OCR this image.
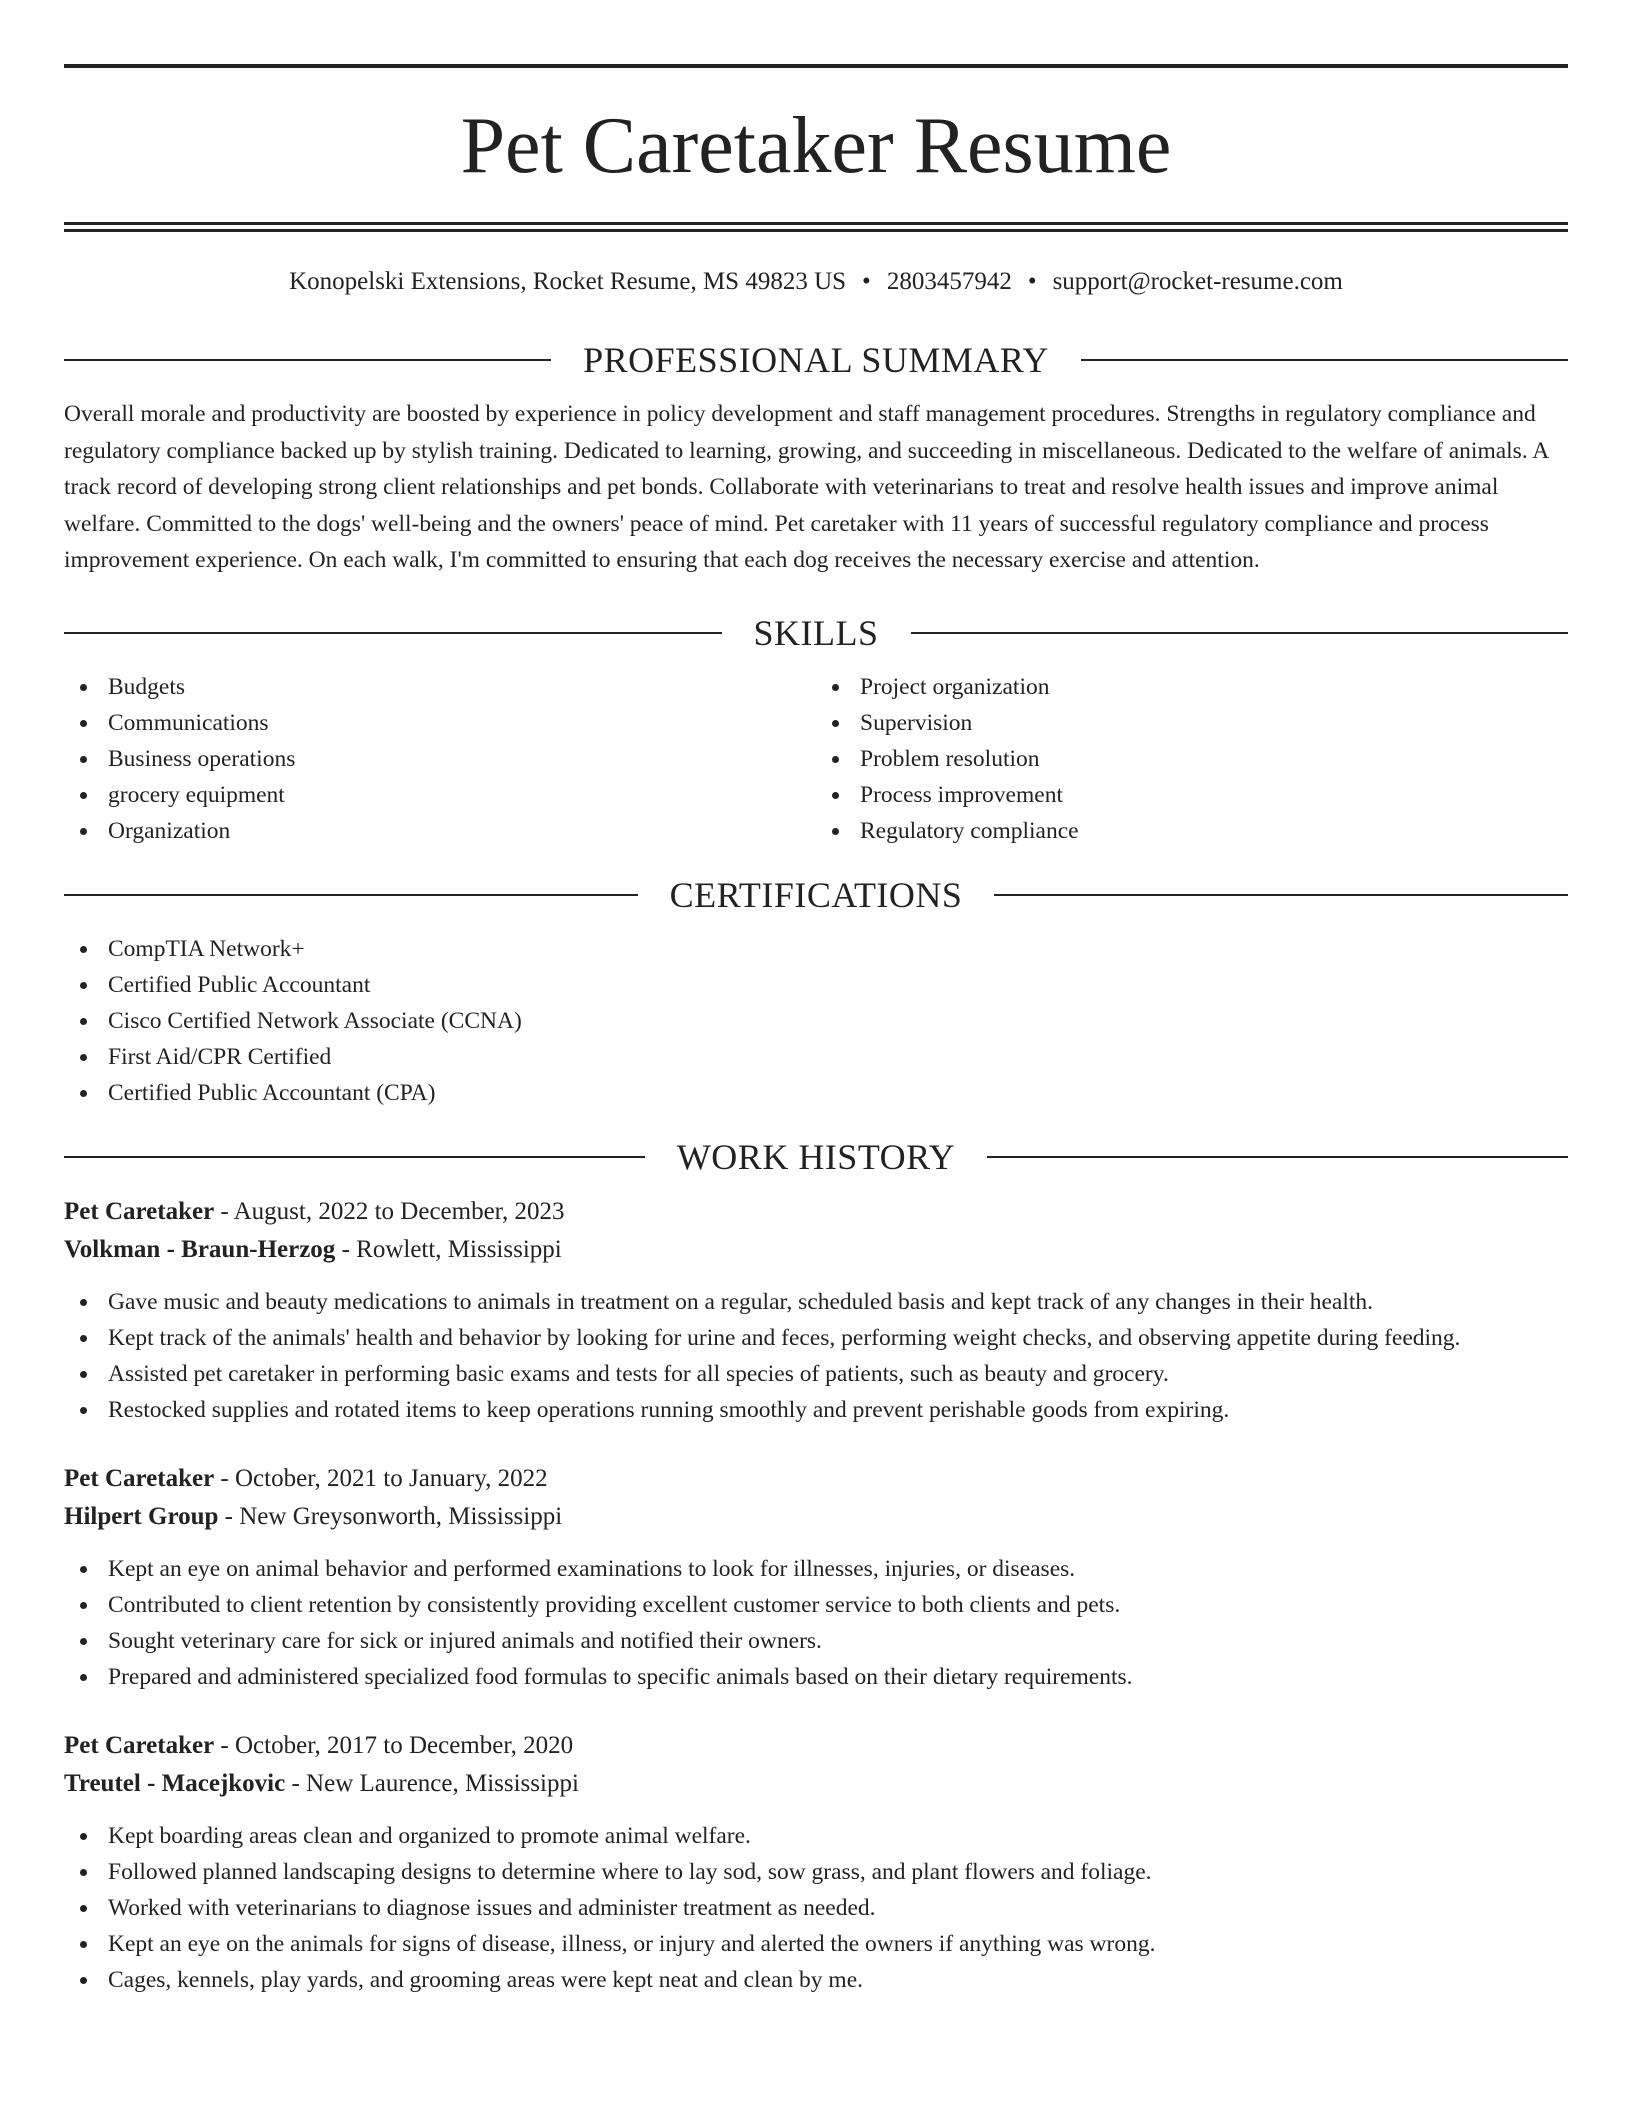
Pet Caretaker Resume
Konopelski Extensions, Rocket Resume, MS 49823 US • 2803457942 • support@rocket-resume.com
PROFESSIONAL SUMMARY

Overall morale and productivity are boosted by experience in policy development and staff management procedures. Strengths in regulatory compliance and regulatory compliance backed up by stylish training. Dedicated to learning, growing, and succeeding in miscellaneous. Dedicated to the welfare of animals. A track record of developing strong client relationships and pet bonds. Collaborate with veterinarians to treat and resolve health issues and improve animal welfare. Committed to the dogs' well-being and the owners' peace of mind. Pet caretaker with 11 years of successful regulatory compliance and process improvement experience. On each walk, I'm committed to ensuring that each dog receives the necessary exercise and attention.

SKILLS
Budgets
Communications
Business operations
grocery equipment
Organization
Project organization
Supervision
Problem resolution
Process improvement
Regulatory compliance
CERTIFICATIONS
CompTIA Network+
Certified Public Accountant
Cisco Certified Network Associate (CCNA)
First Aid/CPR Certified
Certified Public Accountant (CPA)
WORK HISTORY
Pet Caretaker - August, 2022 to December, 2023
Volkman - Braun-Herzog - Rowlett, Mississippi
Gave music and beauty medications to animals in treatment on a regular, scheduled basis and kept track of any changes in their health.
Kept track of the animals' health and behavior by looking for urine and feces, performing weight checks, and observing appetite during feeding.
Assisted pet caretaker in performing basic exams and tests for all species of patients, such as beauty and grocery.
Restocked supplies and rotated items to keep operations running smoothly and prevent perishable goods from expiring.
Pet Caretaker - October, 2021 to January, 2022
Hilpert Group - New Greysonworth, Mississippi
Kept an eye on animal behavior and performed examinations to look for illnesses, injuries, or diseases.
Contributed to client retention by consistently providing excellent customer service to both clients and pets.
Sought veterinary care for sick or injured animals and notified their owners.
Prepared and administered specialized food formulas to specific animals based on their dietary requirements.
Pet Caretaker - October, 2017 to December, 2020
Treutel - Macejkovic - New Laurence, Mississippi
Kept boarding areas clean and organized to promote animal welfare.
Followed planned landscaping designs to determine where to lay sod, sow grass, and plant flowers and foliage.
Worked with veterinarians to diagnose issues and administer treatment as needed.
Kept an eye on the animals for signs of disease, illness, or injury and alerted the owners if anything was wrong.
Cages, kennels, play yards, and grooming areas were kept neat and clean by me.
